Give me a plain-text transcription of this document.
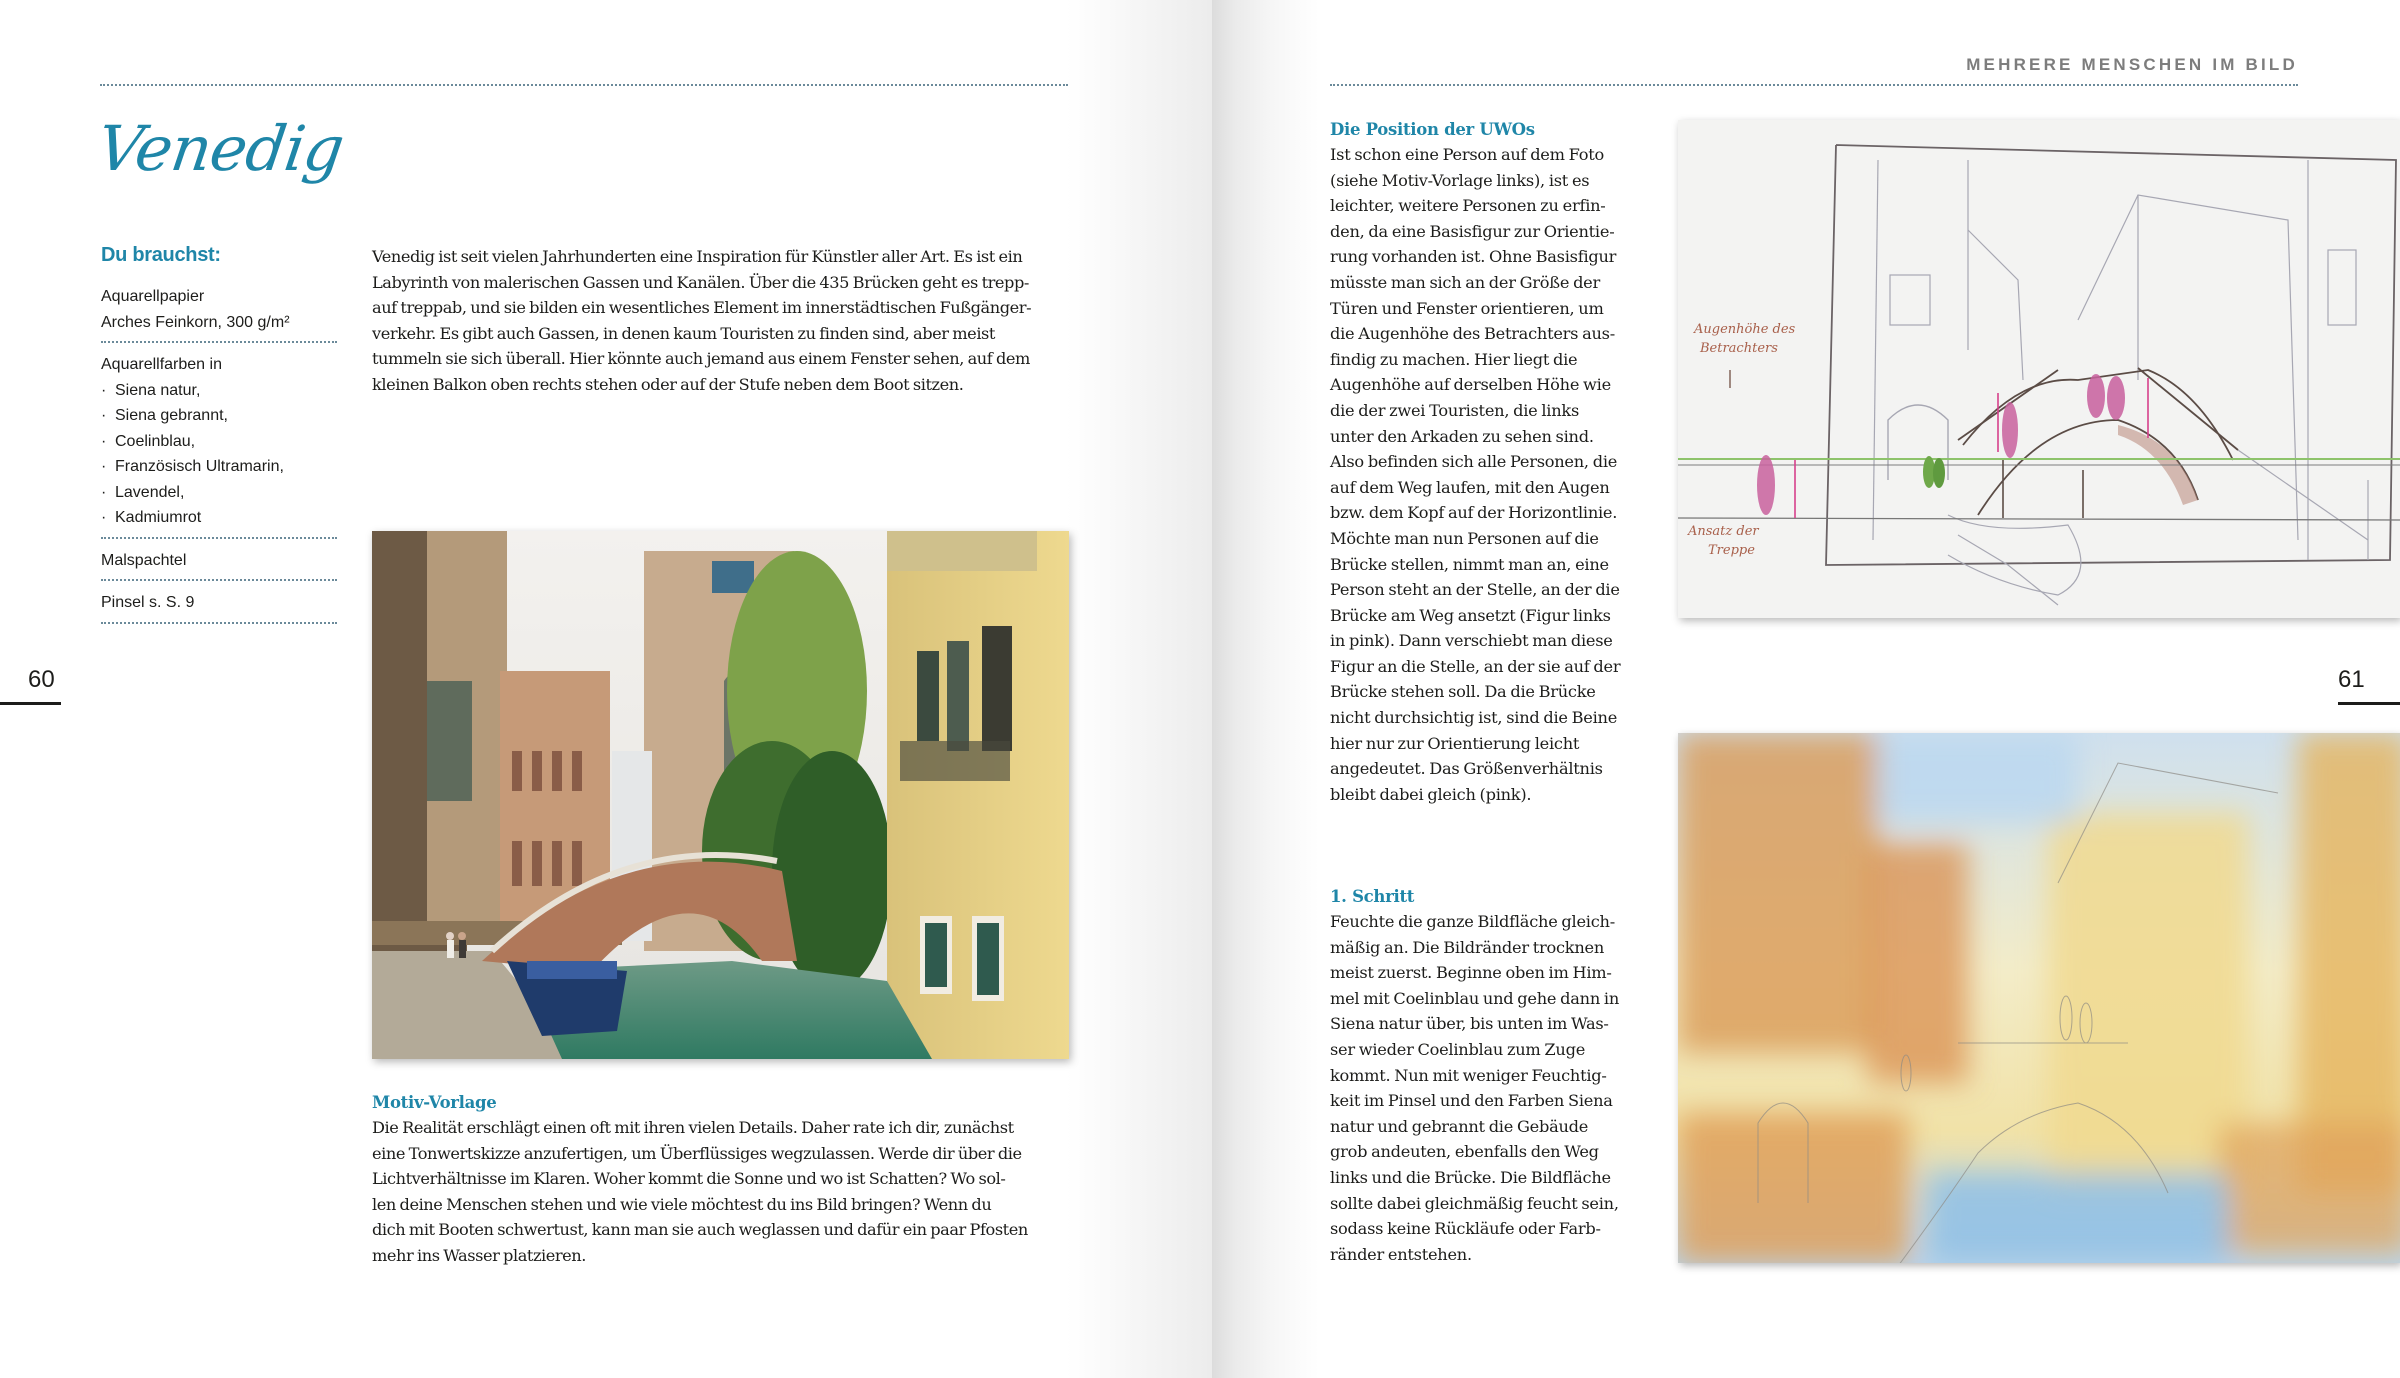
Venedig
Du brauchst:
Aquarellpapier
Arches Feinkorn, 300 g/m²
Aquarellfarben in
· Siena natur,
· Siena gebrannt,
· Coelinblau,
· Französisch Ultramarin,
· Lavendel,
· Kadmiumrot
Malspachtel
Pinsel s. S. 9
Venedig ist seit vielen Jahrhunderten eine Inspiration für Künstler aller Art. Es ist ein
Labyrinth von malerischen Gassen und Kanälen. Über die 435 Brücken geht es trepp-
auf treppab, und sie bilden ein wesentliches Element im innerstädtischen Fußgänger-
verkehr. Es gibt auch Gassen, in denen kaum Touristen zu finden sind, aber meist
tummeln sie sich überall. Hier könnte auch jemand aus einem Fenster sehen, auf dem
kleinen Balkon oben rechts stehen oder auf der Stufe neben dem Boot sitzen.
Motiv-Vorlage
Die Realität erschlägt einen oft mit ihren vielen Details. Daher rate ich dir, zunächst
eine Tonwertskizze anzufertigen, um Überflüssiges wegzulassen. Werde dir über die
Lichtverhältnisse im Klaren. Woher kommt die Sonne und wo ist Schatten? Wo sol-
len deine Menschen stehen und wie viele möchtest du ins Bild bringen? Wenn du
dich mit Booten schwertust, kann man sie auch weglassen und dafür ein paar Pfosten
mehr ins Wasser platzieren.
60
MEHRERE MENSCHEN IM BILD
Die Position der UWOs
Ist schon eine Person auf dem Foto
(siehe Motiv-Vorlage links), ist es
leichter, weitere Personen zu erfin-
den, da eine Basisfigur zur Orientie-
rung vorhanden ist. Ohne Basisfigur
müsste man sich an der Größe der
Türen und Fenster orientieren, um
die Augenhöhe des Betrachters aus-
findig zu machen. Hier liegt die
Augenhöhe auf derselben Höhe wie
die der zwei Touristen, die links
unter den Arkaden zu sehen sind.
Also befinden sich alle Personen, die
auf dem Weg laufen, mit den Augen
bzw. dem Kopf auf der Horizontlinie.
Möchte man nun Personen auf die
Brücke stellen, nimmt man an, eine
Person steht an der Stelle, an der die
Brücke am Weg ansetzt (Figur links
in pink). Dann verschiebt man diese
Figur an die Stelle, an der sie auf der
Brücke stehen soll. Da die Brücke
nicht durchsichtig ist, sind die Beine
hier nur zur Orientierung leicht
angedeutet. Das Größenverhältnis
bleibt dabei gleich (pink).
1. Schritt
Feuchte die ganze Bildfläche gleich-
mäßig an. Die Bildränder trocknen
meist zuerst. Beginne oben im Him-
mel mit Coelinblau und gehe dann in
Siena natur über, bis unten im Was-
ser wieder Coelinblau zum Zuge
kommt. Nun mit weniger Feuchtig-
keit im Pinsel und den Farben Siena
natur und gebrannt die Gebäude
grob andeuten, ebenfalls den Weg
links und die Brücke. Die Bildfläche
sollte dabei gleichmäßig feucht sein,
sodass keine Rückläufe oder Farb-
ränder entstehen.
Augenhöhe des
Betrachters
Ansatz der
Treppe
61
